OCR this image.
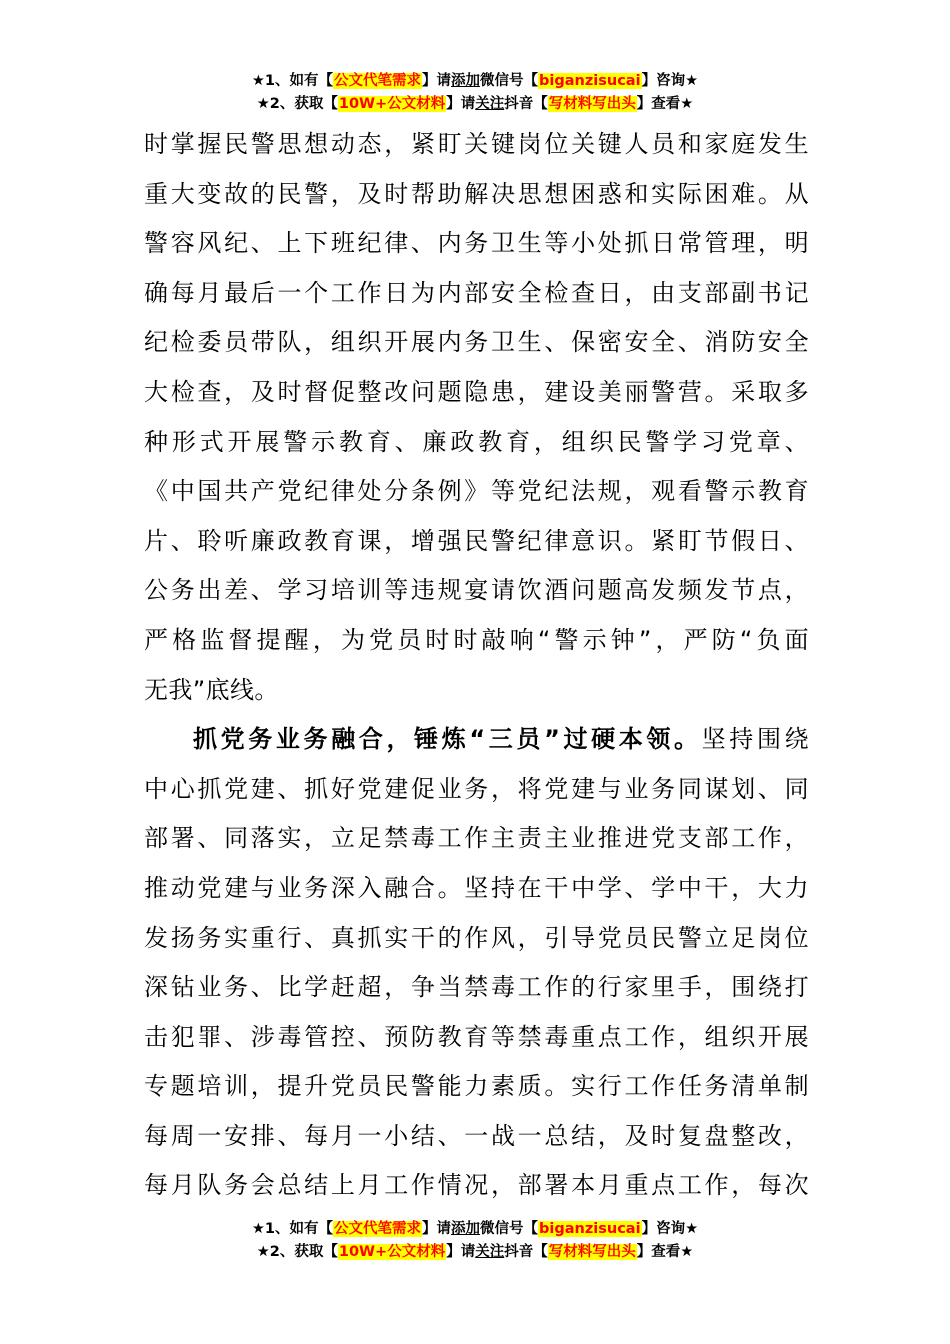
★1、如有【公文代笔需求】请添加微信号【biganzisucai】咨询★
★2、获取【10W+公文材料】请关注抖音【写材料写出头】查看★
时掌握民警思想动态，紧盯关键岗位关键人员和家庭发生
重大变故的民警，及时帮助解决思想困惑和实际困难。从
警容风纪、上下班纪律、内务卫生等小处抓日常管理，明
确每月最后一个工作日为内部安全检查日，由支部副书记
纪检委员带队，组织开展内务卫生、保密安全、消防安全
大检查，及时督促整改问题隐患，建设美丽警营。采取多
种形式开展警示教育、廉政教育，组织民警学习党章、
《中国共产党纪律处分条例》等党纪法规，观看警示教育
片、聆听廉政教育课，增强民警纪律意识。紧盯节假日、
公务出差、学习培训等违规宴请饮酒问题高发频发节点，
严格监督提醒，为党员时时敲响“警示钟”，严防“负面
无我”底线。
抓党务业务融合，锤炼“三员”过硬本领。坚持围绕
中心抓党建、抓好党建促业务，将党建与业务同谋划、同
部署、同落实，立足禁毒工作主责主业推进党支部工作，
推动党建与业务深入融合。坚持在干中学、学中干，大力
发扬务实重行、真抓实干的作风，引导党员民警立足岗位
深钻业务、比学赶超，争当禁毒工作的行家里手，围绕打
击犯罪、涉毒管控、预防教育等禁毒重点工作，组织开展
专题培训，提升党员民警能力素质。实行工作任务清单制
每周一安排、每月一小结、一战一总结，及时复盘整改，
每月队务会总结上月工作情况，部署本月重点工作，每次
★1、如有【公文代笔需求】请添加微信号【biganzisucai】咨询★
★2、获取【10W+公文材料】请关注抖音【写材料写出头】查看★
